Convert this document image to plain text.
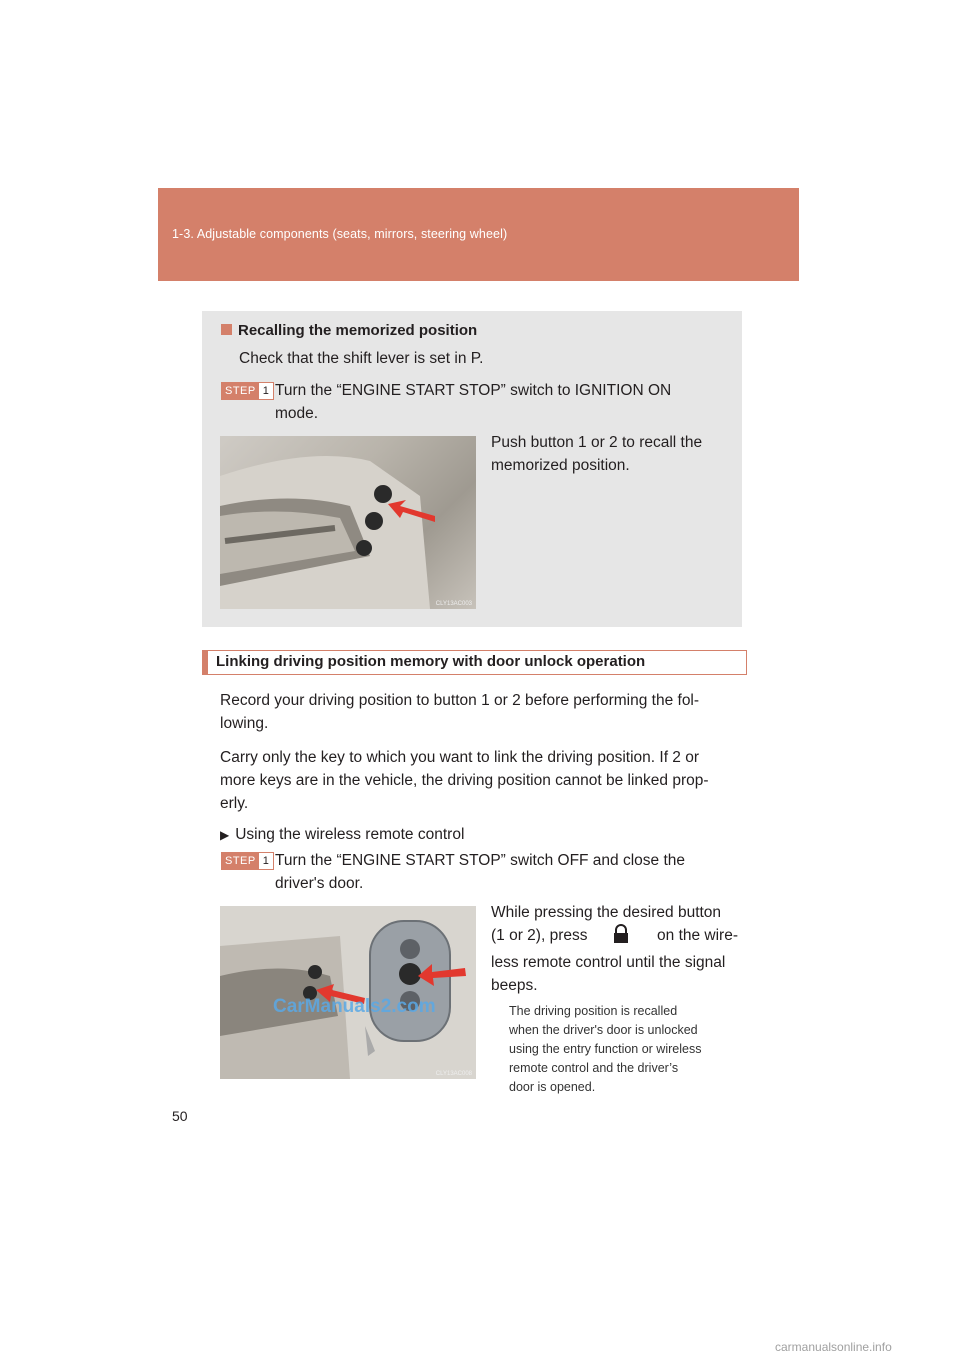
1-3. Adjustable components (seats, mirrors, steering wheel)
Recalling the memorized position
Check that the shift lever is set in P.
STEP 1 Turn the “ENGINE START STOP” switch to IGNITION ON
mode.
Push button 1 or 2 to recall the
memorized position.
CLY13AC003
Linking driving position memory with door unlock operation
Record your driving position to button 1 or 2 before performing the fol-
lowing.
Carry only the key to which you want to link the driving position. If 2 or
more keys are in the vehicle, the driving position cannot be linked prop-
erly.
▶ Using the wireless remote control
STEP 1 Turn the “ENGINE START STOP” switch OFF and close the
driver's door.
While pressing the desired button
(1 or 2), press	on the wire-
less remote control until the signal
beeps.
CLY13AC008
CarManuals2.com	The driving position is recalled
when the driver's door is unlocked
using the entry function or wireless
remote control and the driver’s
door is opened.
50
carmanualsonline.info
